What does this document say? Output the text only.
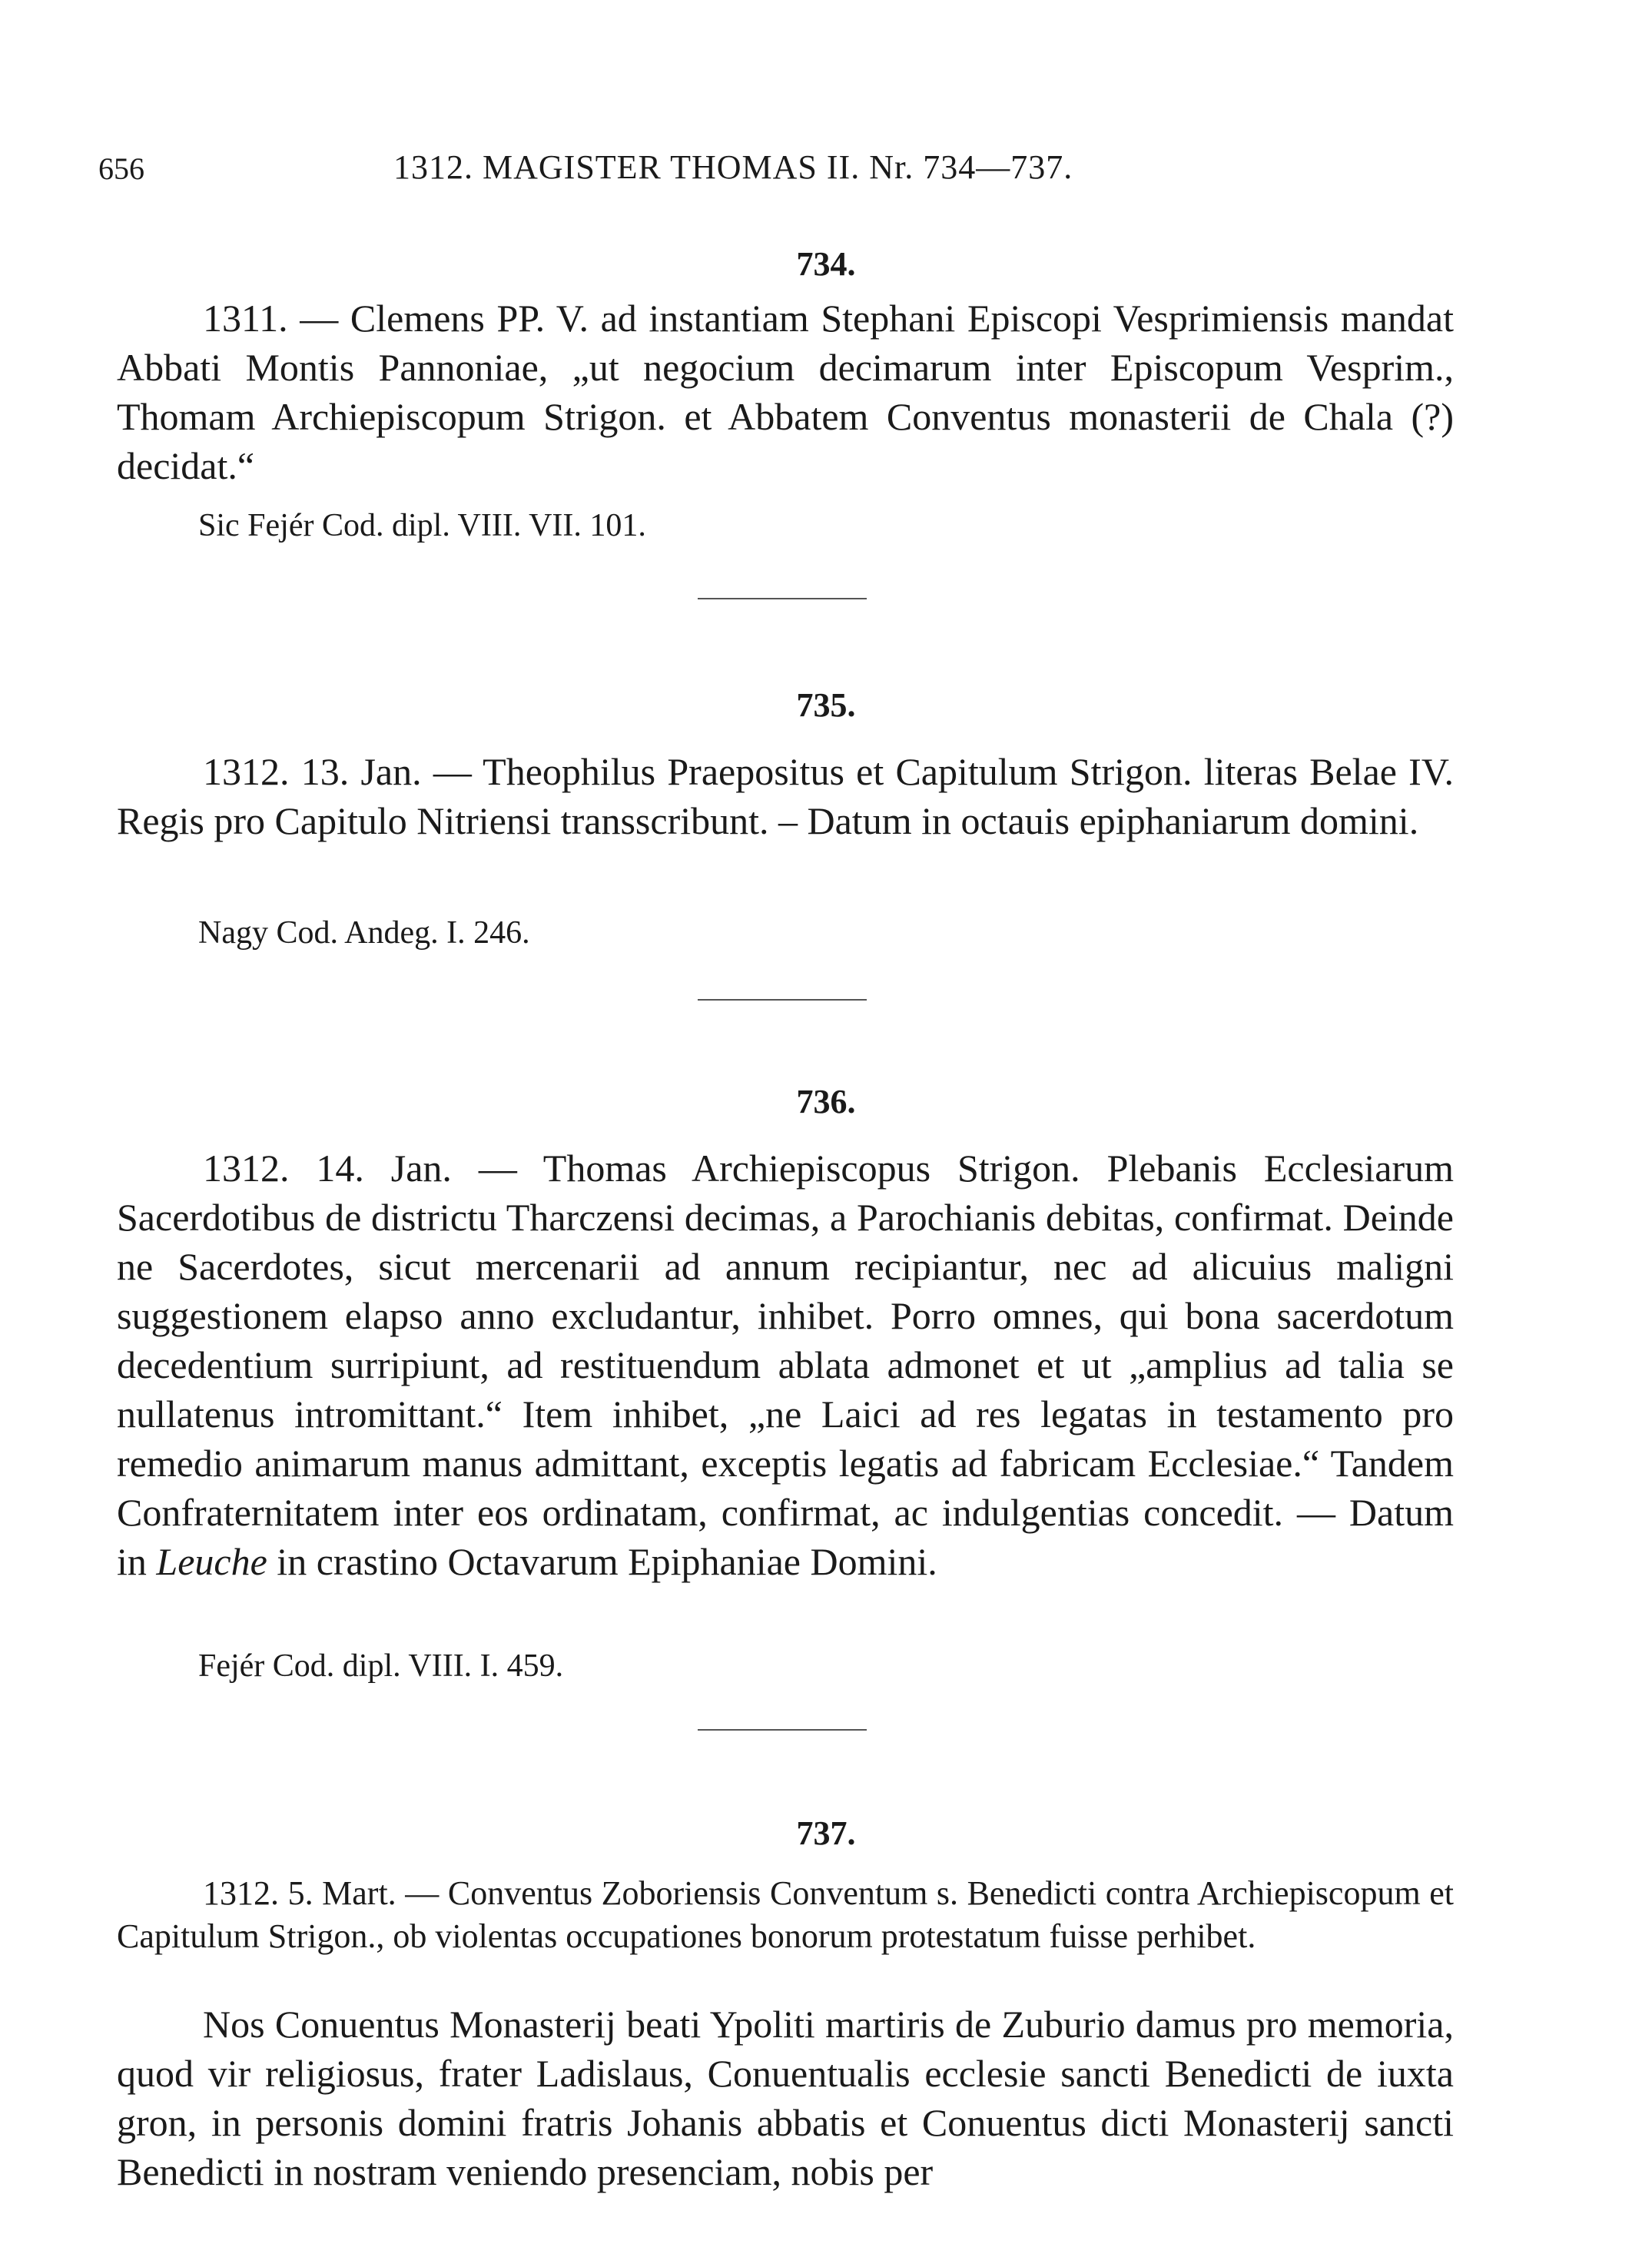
656	1312. MAGISTER THOMAS II. Nr. 734—737.
734.
1311. — Clemens PP. V. ad instantiam Stephani Episcopi Vesprimiensis mandat Abbati Montis Pannoniae, „ut negocium decimarum inter Episcopum Vesprim., Thomam Archiepiscopum Strigon. et Abbatem Conventus monasterii de Chala (?) decidat.“
Sic Fejér Cod. dipl. VIII. VII. 101.
735.
1312. 13. Jan. — Theophilus Praepositus et Capitulum Strigon. literas Belae IV. Regis pro Capitulo Nitriensi transscribunt. – Datum in octauis epiphaniarum domini.
Nagy Cod. Andeg. I. 246.
736.
1312. 14. Jan. — Thomas Archiepiscopus Strigon. Plebanis Ecclesiarum Sacerdotibus de districtu Tharczensi decimas, a Parochianis debitas, confirmat. Deinde ne Sacerdotes, sicut mercenarii ad annum recipiantur, nec ad alicuius maligni suggestionem elapso anno excludantur, inhibet. Porro omnes, qui bona sacerdotum decedentium surripiunt, ad restituendum ablata admonet et ut „amplius ad talia se nullatenus intromittant.“ Item inhibet, „ne Laici ad res legatas in testamento pro remedio animarum manus admittant, exceptis legatis ad fabricam Ecclesiae.“ Tandem Confraternitatem inter eos ordinatam, confirmat, ac indulgentias concedit. — Datum in Leuche in crastino Octavarum Epiphaniae Domini.
Fejér Cod. dipl. VIII. I. 459.
737.
1312. 5. Mart. — Conventus Zoboriensis Conventum s. Benedicti contra Archiepiscopum et Capitulum Strigon., ob violentas occupationes bonorum protestatum fuisse perhibet.
Nos Conuentus Monasterij beati Ypoliti martiris de Zuburio damus pro memoria, quod vir religiosus, frater Ladislaus, Conuentualis ecclesie sancti Benedicti de iuxta gron, in personis domini fratris Johanis abbatis et Conuentus dicti Monasterij sancti Benedicti in nostram veniendo presenciam, nobis per
